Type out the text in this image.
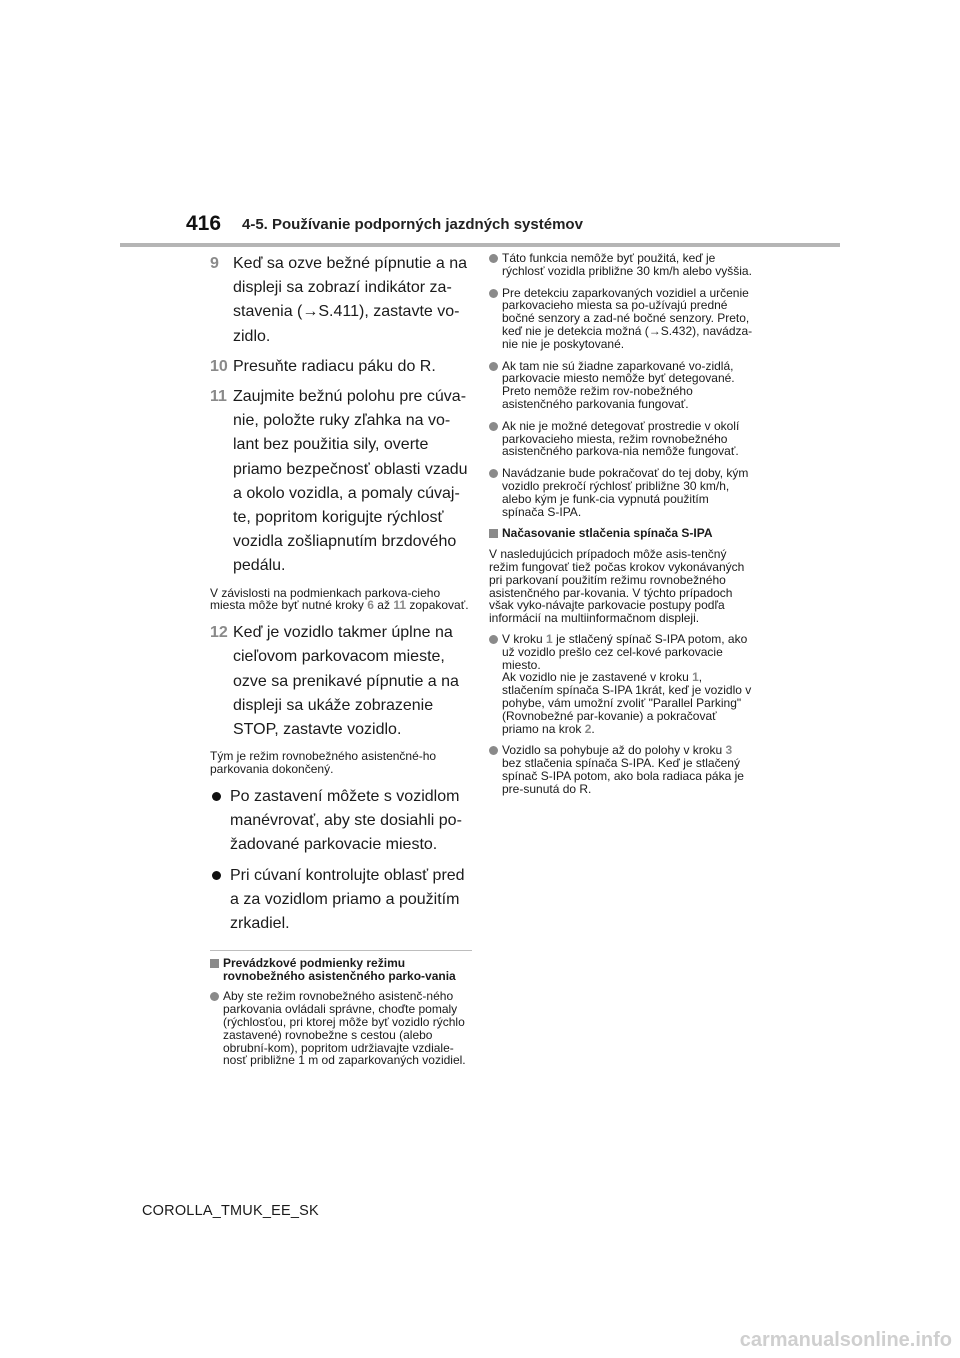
416 4-5. Používanie podporných jazdných systémov
9 Keď sa ozve bežné pípnutie a na displeji sa zobrazí indikátor za-stavenia (→S.411), zastavte vo-zidlo.
10 Presuňte radiacu páku do R.
11 Zaujmite bežnú polohu pre cúva-nie, položte ruky zľahka na vo-lant bez použitia sily, overte priamo bezpečnosť oblasti vzadu a okolo vozidla, a pomaly cúvaj-te, popritom korigujte rýchlosť vozidla zošliapnutím brzdového pedálu.
V závislosti na podmienkach parkova-cieho miesta môže byť nutné kroky 6 až 11 zopakovať.
12 Keď je vozidlo takmer úplne na cieľovom parkovacom mieste, ozve sa prenikavé pípnutie a na displeji sa ukáže zobrazenie STOP, zastavte vozidlo.
Tým je režim rovnobežného asistenčné-ho parkovania dokončený.
Po zastavení môžete s vozidlom manévrovať, aby ste dosiahli po-žadované parkovacie miesto.
Pri cúvaní kontrolujte oblasť pred a za vozidlom priamo a použitím zrkadiel.
Prevádzkové podmienky režimu rovnobežného asistenčného parko-vania
Aby ste režim rovnobežného asistenč-ného parkovania ovládali správne, choďte pomaly (rýchlosťou, pri ktorej môže byť vozidlo rýchlo zastavené) rovnobežne s cestou (alebo obrubní-kom), popritom udržiavajte vzdiale-nosť približne 1 m od zaparkovaných vozidiel.
Táto funkcia nemôže byť použitá, keď je rýchlosť vozidla približne 30 km/h alebo vyššia.
Pre detekciu zaparkovaných vozidiel a určenie parkovacieho miesta sa po-užívajú predné bočné senzory a zad-né bočné senzory. Preto, keď nie je detekcia možná (→S.432), navádza-nie nie je poskytované.
Ak tam nie sú žiadne zaparkované vo-zidlá, parkovacie miesto nemôže byť detegované. Preto nemôže režim rov-nobežného asistenčného parkovania fungovať.
Ak nie je možné detegovať prostredie v okolí parkovacieho miesta, režim rovnobežného asistenčného parkova-nia nemôže fungovať.
Navádzanie bude pokračovať do tej doby, kým vozidlo prekročí rýchlosť približne 30 km/h, alebo kým je funk-cia vypnutá použitím spínača S-IPA.
Načasovanie stlačenia spínača S-IPA
V nasledujúcich prípadoch môže asis-tenčný režim fungovať tiež počas krokov vykonávaných pri parkovaní použitím režimu rovnobežného asistenčného par-kovania. V týchto prípadoch však vyko-návajte parkovacie postupy podľa informácií na multiinformačnom displeji.
V kroku 1 je stlačený spínač S-IPA potom, ako už vozidlo prešlo cez cel-kové parkovacie miesto.
Ak vozidlo nie je zastavené v kroku 1, stlačením spínača S-IPA 1krát, keď je vozidlo v pohybe, vám umožní zvoliť "Parallel Parking" (Rovnobežné par-kovanie) a pokračovať priamo na krok 2.
Vozidlo sa pohybuje až do polohy v kroku 3 bez stlačenia spínača S-IPA. Keď je stlačený spínač S-IPA potom, ako bola radiaca páka je pre-sunutá do R.
COROLLA_TMUK_EE_SK
carmanualsonline.info
